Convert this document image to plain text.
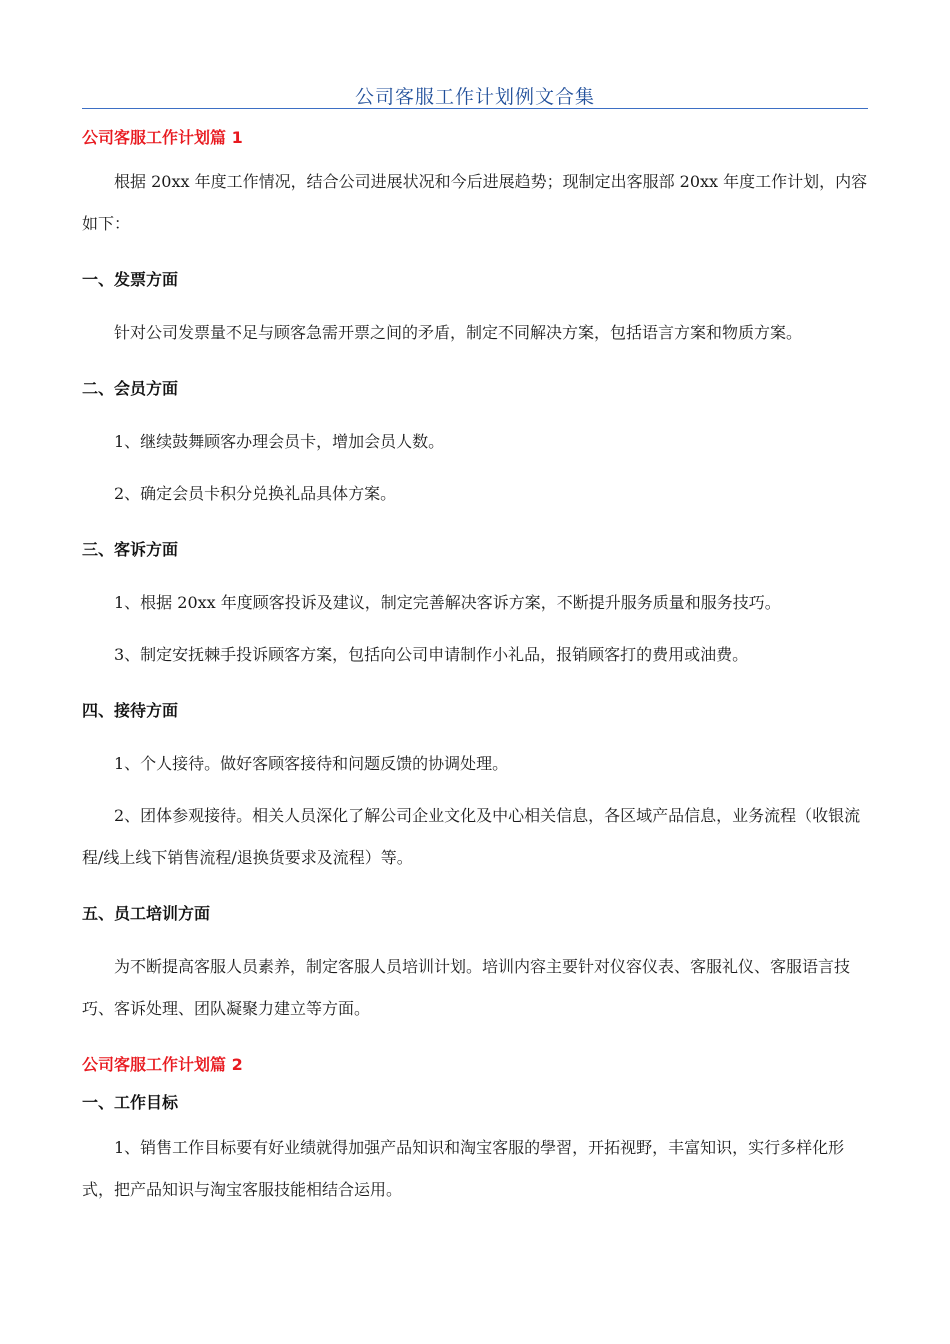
公司客服工作计划例文合集

公司客服工作计划篇 1

根据 20xx 年度工作情况，结合公司进展状况和今后进展趋势；现制定出客服部 20xx 年度工作计划，内容如下：

一、发票方面

针对公司发票量不足与顾客急需开票之间的矛盾，制定不同解决方案，包括语言方案和物质方案。

二、会员方面

1、继续鼓舞顾客办理会员卡，增加会员人数。

2、确定会员卡积分兑换礼品具体方案。

三、客诉方面

1、根据 20xx 年度顾客投诉及建议，制定完善解决客诉方案，不断提升服务质量和服务技巧。

3、制定安抚棘手投诉顾客方案，包括向公司申请制作小礼品，报销顾客打的费用或油费。

四、接待方面

1、个人接待。做好客顾客接待和问题反馈的协调处理。

2、团体参观接待。相关人员深化了解公司企业文化及中心相关信息，各区域产品信息，业务流程（收银流程/线上线下销售流程/退换货要求及流程）等。

五、员工培训方面

为不断提高客服人员素养，制定客服人员培训计划。培训内容主要针对仪容仪表、客服礼仪、客服语言技巧、客诉处理、团队凝聚力建立等方面。

公司客服工作计划篇 2

一、工作目标

1、销售工作目标要有好业绩就得加强产品知识和淘宝客服的學習，开拓视野，丰富知识，实行多样化形式，把产品知识与淘宝客服技能相结合运用。
